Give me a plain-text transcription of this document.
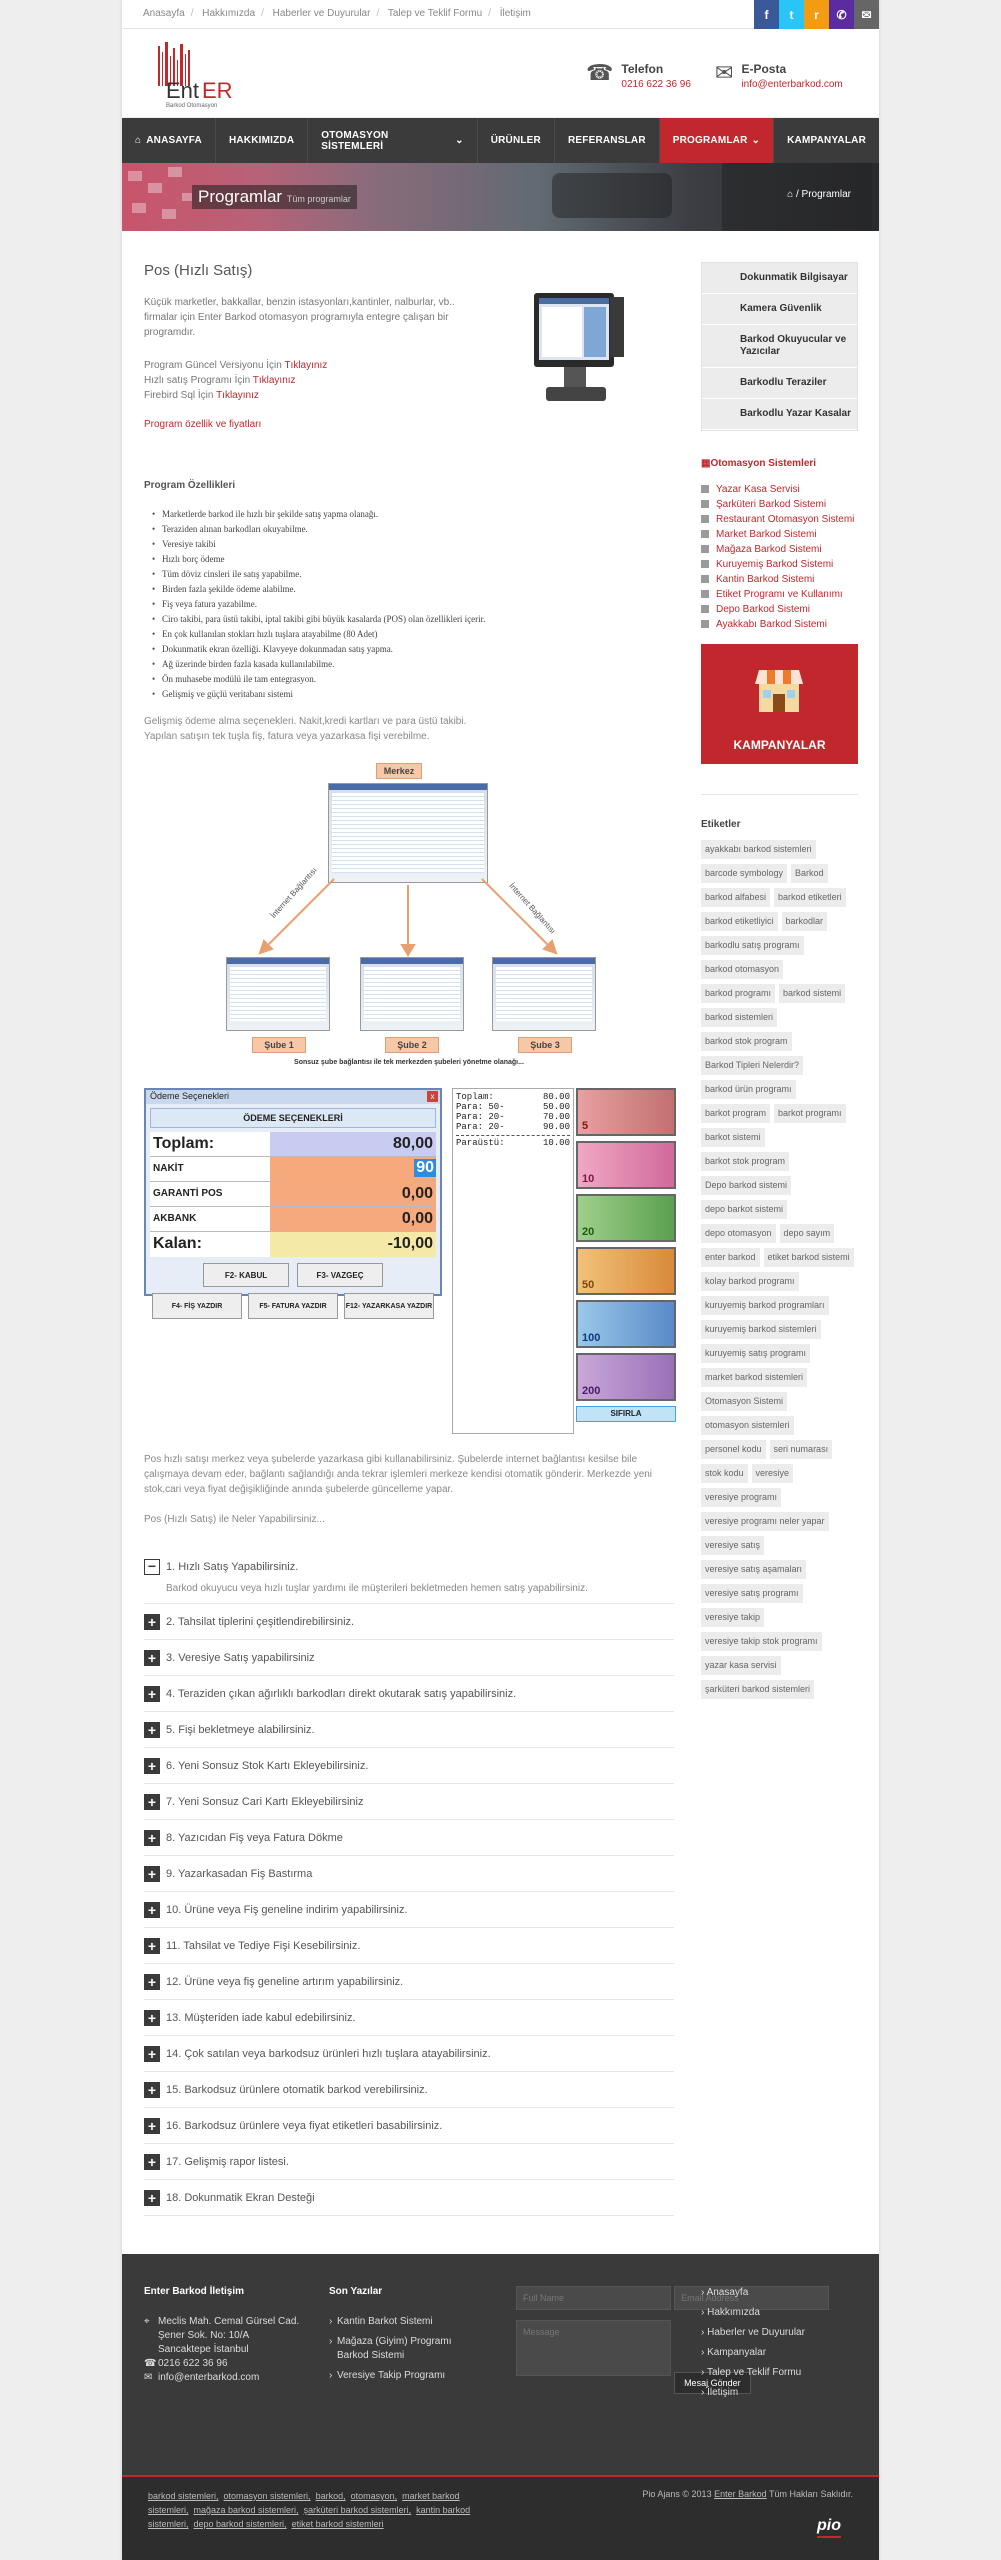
Anasayfa / Hakkımızda / Haberler ve Duyurular / Talep ve Teklif Formu / İletişim	f	t	r	✆	✉
Ent ER
Barkod Otomasyon
☎ Telefon
0216 622 36 96 ✉ E-Posta
info@enterbarkod.com
⌂ ANASAYFA	HAKKIMIZDA	OTOMASYON SİSTEMLERİ	⌄	ÜRÜNLER	REFERANSLAR	PROGRAMLAR ⌄	KAMPANYALAR
Programlar Tüm programlar	⌂ / Programlar
Pos (Hızlı Satış)
Küçük marketler, bakkallar, benzin istasyonları,kantinler, nalburlar, vb.. firmalar için Enter Barkod otomasyon programıyla entegre çalışan bir programdır.
Program Güncel Versiyonu İçin Tıklayınız
Hızlı satış Programı İçin Tıklayınız
Firebird Sql İçin Tıklayınız
Program özellik ve fiyatları
Program Özellikleri
• Marketlerde barkod ile hızlı bir şekilde satış yapma olanağı.
• Teraziden alınan barkodları okuyabilme.
• Veresiye takibi
• Hızlı borç ödeme
• Tüm döviz cinsleri ile satış yapabilme.
• Birden fazla şekilde ödeme alabilme.
• Fiş veya fatura yazabilme.
• Ciro takibi, para üstü takibi, iptal takibi gibi büyük kasalarda (POS) olan özellikleri içerir.
• En çok kullanılan stokları hızlı tuşlara atayabilme (80 Adet)
• Dokunmatik ekran özelliği. Klavyeye dokunmadan satış yapma.
• Ağ üzerinde birden fazla kasada kullanılabilme.
• Ön muhasebe modülü ile tam entegrasyon.
• Gelişmiş ve güçlü veritabanı sistemi
Gelişmiş ödeme alma seçenekleri. Nakit,kredi kartları ve para üstü takibi.
Yapılan satışın tek tuşla fiş, fatura veya yazarkasa fişi verebilme.
Merkez
İnternet Bağlantısı	İnternet Bağlantısı
Şube 1	Şube 2	Şube 3
Sonsuz şube bağlantısı ile tek merkezden şubeleri yönetme olanağı...
Ödeme Seçenekleri	x
ÖDEME SEÇENEKLERİ
Toplam:	80,00
NAKİT	90
GARANTİ POS	0,00
AKBANK	0,00
Kalan:	-10,00
F2- KABUL	F3- VAZGEÇ
F4- FİŞ YAZDIR	F5- FATURA YAZDIR	F12- YAZARKASA YAZDIR
Toplam:	80.00
Para: 50-	50.00
Para: 20-	70.00
Para: 20-	90.00
Paraüstü:	10.00
5
10
20
50
100
200
SIFIRLA
Pos hızlı satışı merkez veya şubelerde yazarkasa gibi kullanabilirsiniz. Şubelerde internet bağlantısı kesilse bile çalışmaya devam eder, bağlantı sağlandığı anda tekrar işlemleri merkeze kendisi otomatik gönderir. Merkezde yeni stok,cari veya fiyat değişikliğinde anında şubelerde güncelleme yapar.
Pos (Hızlı Satış) ile Neler Yapabilirsiniz...
− 1. Hızlı Satış Yapabilirsiniz.
Barkod okuyucu veya hızlı tuşlar yardımı ile müşterileri bekletmeden hemen satış yapabilirsiniz.
+ 2. Tahsilat tiplerini çeşitlendirebilirsiniz.
+ 3. Veresiye Satış yapabilirsiniz
+ 4. Teraziden çıkan ağırlıklı barkodları direkt okutarak satış yapabilirsiniz.
+ 5. Fişi bekletmeye alabilirsiniz.
+ 6. Yeni Sonsuz Stok Kartı Ekleyebilirsiniz.
+ 7. Yeni Sonsuz Cari Kartı Ekleyebilirsiniz
+ 8. Yazıcıdan Fiş veya Fatura Dökme
+ 9. Yazarkasadan Fiş Bastırma
+ 10. Ürüne veya Fiş geneline indirim yapabilirsiniz.
+ 11. Tahsilat ve Tediye Fişi Kesebilirsiniz.
+ 12. Ürüne veya fiş geneline artırım yapabilirsiniz.
+ 13. Müşteriden iade kabul edebilirsiniz.
+ 14. Çok satılan veya barkodsuz ürünleri hızlı tuşlara atayabilirsiniz.
+ 15. Barkodsuz ürünlere otomatik barkod verebilirsiniz.
+ 16. Barkodsuz ürünlere veya fiyat etiketleri basabilirsiniz.
+ 17. Gelişmiş rapor listesi.
+ 18. Dokunmatik Ekran Desteği
Dokunmatik Bilgisayar
Kamera Güvenlik
Barkod Okuyucular ve Yazıcılar
Barkodlu Teraziler
Barkodlu Yazar Kasalar
▦Otomasyon Sistemleri
Yazar Kasa Servisi
Şarküteri Barkod Sistemi
Restaurant Otomasyon Sistemi
Market Barkod Sistemi
Mağaza Barkod Sistemi
Kuruyemiş Barkod Sistemi
Kantin Barkod Sistemi
Etiket Programı ve Kullanımı
Depo Barkod Sistemi
Ayakkabı Barkod Sistemi
KAMPANYALAR
Etiketler
ayakkabı barkod sistemleri
barcode symbology	Barkod
barkod alfabesi	barkod etiketleri
barkod etiketliyici	barkodlar
barkodlu satış programı
barkod otomasyon
barkod programı	barkod sistemi
barkod sistemleri
barkod stok program
Barkod Tipleri Nelerdir?
barkod ürün programı
barkot program	barkot programı
barkot sistemi
barkot stok program
Depo barkod sistemi
depo barkot sistemi
depo otomasyon	depo sayım
enter barkod	etiket barkod sistemi
kolay barkod programı
kuruyemiş barkod programları
kuruyemiş barkod sistemleri
kuruyemiş satış programı
market barkod sistemleri
Otomasyon Sistemi
otomasyon sistemleri
personel kodu	seri numarası
stok kodu	veresiye
veresiye programı
veresiye programı neler yapar
veresiye satış
veresiye satış aşamaları
veresiye satış programı
veresiye takip
veresiye takip stok programı
yazar kasa servisi
şarküteri barkod sistemleri
Enter Barkod İletişim
⌖ Meclis Mah. Cemal Gürsel Cad.
Şener Sok. No: 10/A
Sancaktepe İstanbul
☎ 0216 622 36 96
✉ info@enterbarkod.com
Son Yazılar
› Kantin Barkot Sistemi
› Mağaza (Giyim) Programı Barkod Sistemi
› Veresiye Takip Programı
Full Name Email Address Message Mesaj Gönder
› Anasayfa
› Hakkımızda
› Haberler ve Duyurular
› Kampanyalar
› Talep ve Teklif Formu
› İletişim
barkod sistemleri, otomasyon sistemleri, barkod, otomasyon, market barkod sistemleri, mağaza barkod sistemleri, şarküteri barkod sistemleri, kantin barkod sistemleri, depo barkod sistemleri, etiket barkod sistemleri
Pio Ajans © 2013 Enter Barkod Tüm Hakları Saklıdır.
pio
